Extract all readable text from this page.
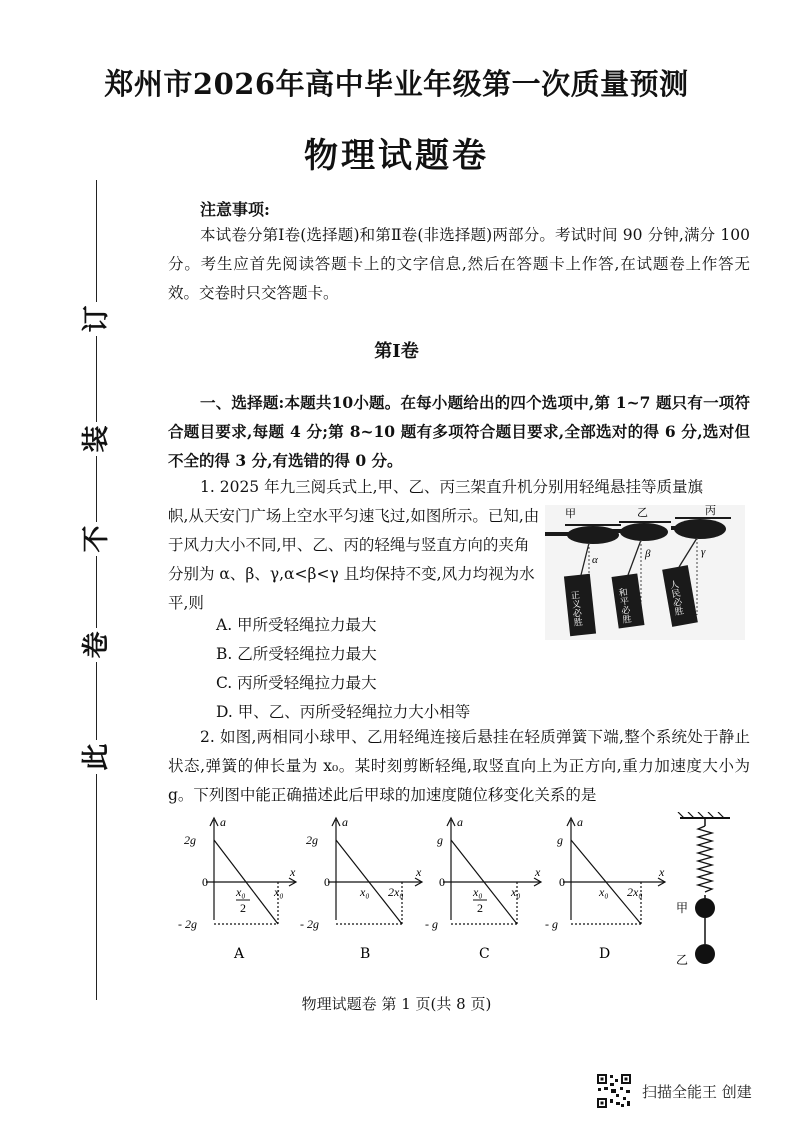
此
卷
不
装
订
郑州市2026年高中毕业年级第一次质量预测
物理试题卷
注意事项:
本试卷分第Ⅰ卷(选择题)和第Ⅱ卷(非选择题)两部分。考试时间 90 分钟,满分 100 分。考生应首先阅读答题卡上的文字信息,然后在答题卡上作答,在试题卷上作答无效。交卷时只交答题卡。
第Ⅰ卷
一、选择题:本题共10小题。在每小题给出的四个选项中,第 1~7 题只有一项符合题目要求,每题 4 分;第 8~10 题有多项符合题目要求,全部选对的得 6 分,选对但不全的得 3 分,有选错的得 0 分。
1. 2025 年九三阅兵式上,甲、乙、丙三架直升机分别用轻绳悬挂等质量旗
帜,从天安门广场上空水平匀速飞过,如图所示。已知,由于风力大小不同,甲、乙、丙的轻绳与竖直方向的夹角分别为 α、β、γ,α<β<γ 且均保持不变,风力均视为水平,则
A. 甲所受轻绳拉力最大
B. 乙所受轻绳拉力最大
C. 丙所受轻绳拉力最大
D. 甲、乙、丙所受轻绳拉力大小相等
甲	乙	丙
α	β	γ
正义必胜	和平必胜	人民必胜
2. 如图,两相同小球甲、乙用轻绳连接后悬挂在轻质弹簧下端,整个系统处于静止状态,弹簧的伸长量为 x₀。某时刻剪断轻绳,取竖直向上为正方向,重力加速度大小为 g。下列图中能正确描述此后甲球的加速度随位移变化关系的是
a
x
0
2g
- 2g
x₀
2
x₀
A
a
x
0
2g
- 2g
x₀ 2x₀
B
a
x
0
g
- g
x₀
2
x₀
C
a
x
0
g
- g
x₀ 2x₀
D
甲
乙
物理试题卷 第 1 页(共 8 页)
扫描全能王 创建
